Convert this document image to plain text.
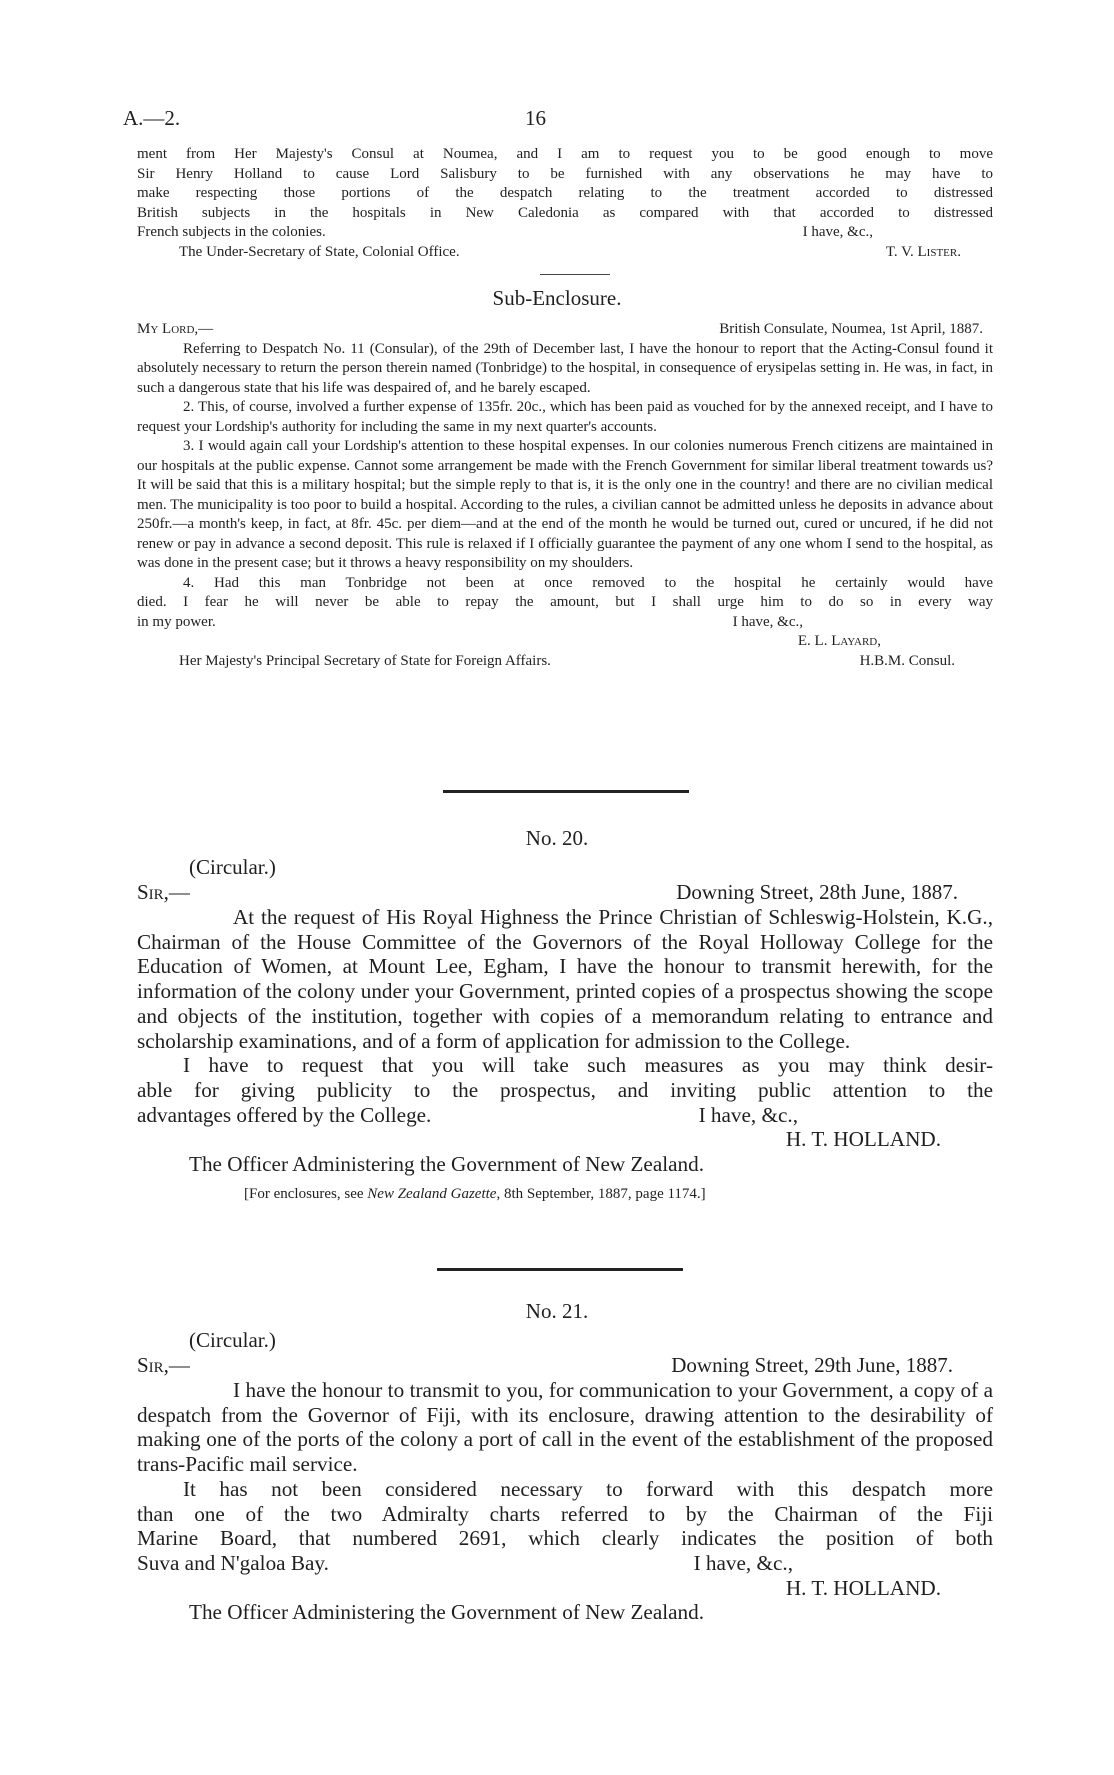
A.—2.	16

ment from Her Majesty's Consul at Noumea, and I am to request you to be good enough to move

Sir Henry Holland to cause Lord Salisbury to be furnished with any observations he may have to

make respecting those portions of the despatch relating to the treatment accorded to distressed

British subjects in the hospitals in New Caledonia as compared with that accorded to distressed

French subjects in the colonies.	I have, &c.,
The Under-Secretary of State, Colonial Office.	T. V. Lister.
Sub-Enclosure.
My Lord,—	British Consulate, Noumea, 1st April, 1887.

Referring to Despatch No. 11 (Consular), of the 29th of December last, I have the honour to report that the Acting-Consul found it absolutely necessary to return the person therein named (Tonbridge) to the hospital, in consequence of erysipelas setting in. He was, in fact, in such a dangerous state that his life was despaired of, and he barely escaped.

2. This, of course, involved a further expense of 135fr. 20c., which has been paid as vouched for by the annexed receipt, and I have to request your Lordship's authority for including the same in my next quarter's accounts.

3. I would again call your Lordship's attention to these hospital expenses. In our colonies numerous French citizens are maintained in our hospitals at the public expense. Cannot some arrangement be made with the French Government for similar liberal treatment towards us? It will be said that this is a military hospital; but the simple reply to that is, it is the only one in the country! and there are no civilian medical men. The municipality is too poor to build a hospital. According to the rules, a civilian cannot be admitted unless he deposits in advance about 250fr.—a month's keep, in fact, at 8fr. 45c. per diem—and at the end of the month he would be turned out, cured or uncured, if he did not renew or pay in advance a second deposit. This rule is relaxed if I officially guarantee the payment of any one whom I send to the hospital, as was done in the present case; but it throws a heavy responsibility on my shoulders.

4. Had this man Tonbridge not been at once removed to the hospital he certainly would have

died. I fear he will never be able to repay the amount, but I shall urge him to do so in every way

in my power.	I have, &c.,
E. L. Layard,
Her Majesty's Principal Secretary of State for Foreign Affairs.	H.B.M. Consul.
No. 20.
(Circular.)
Sir,—	Downing Street, 28th June, 1887.

At the request of His Royal Highness the Prince Christian of Schleswig-Holstein, K.G., Chairman of the House Committee of the Governors of the Royal Holloway College for the Education of Women, at Mount Lee, Egham, I have the honour to transmit herewith, for the information of the colony under your Government, printed copies of a prospectus showing the scope and objects of the institution, together with copies of a memorandum relating to entrance and scholarship examinations, and of a form of application for admission to the College.

I have to request that you will take such measures as you may think desir-

able for giving publicity to the prospectus, and inviting public attention to the

advantages offered by the College.	I have, &c.,
H. T. HOLLAND.
The Officer Administering the Government of New Zealand.
[For enclosures, see New Zealand Gazette, 8th September, 1887, page 1174.]
No. 21.
(Circular.)
Sir,—	Downing Street, 29th June, 1887.

I have the honour to transmit to you, for communication to your Government, a copy of a despatch from the Governor of Fiji, with its enclosure, drawing attention to the desirability of making one of the ports of the colony a port of call in the event of the establishment of the proposed trans-Pacific mail service.

It has not been considered necessary to forward with this despatch more

than one of the two Admiralty charts referred to by the Chairman of the Fiji

Marine Board, that numbered 2691, which clearly indicates the position of both

Suva and N'galoa Bay.	I have, &c.,
H. T. HOLLAND.
The Officer Administering the Government of New Zealand.
